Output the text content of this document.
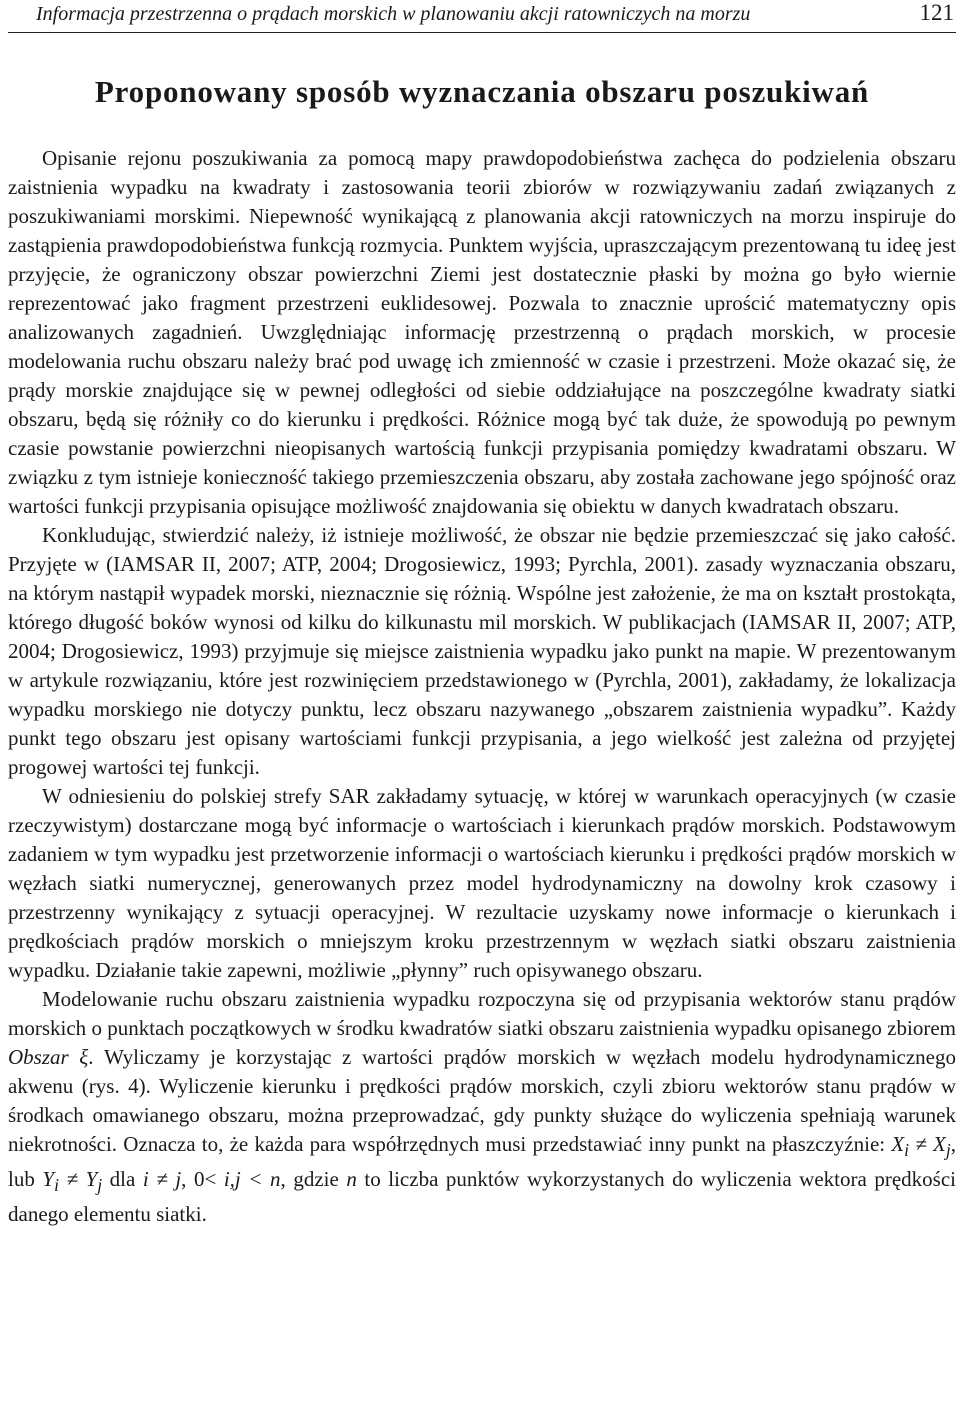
Informacja przestrzenna o prądach morskich w planowaniu akcji ratowniczych na morzu	121
Proponowany sposób wyznaczania obszaru poszukiwań

Opisanie rejonu poszukiwania za pomocą mapy prawdopodobieństwa zachęca do podzielenia obszaru zaistnienia wypadku na kwadraty i zastosowania teorii zbiorów w rozwiązywaniu zadań związanych z poszukiwaniami morskimi. Niepewność wynikającą z planowania akcji ratowniczych na morzu inspiruje do zastąpienia prawdopodobieństwa funkcją rozmycia. Punktem wyjścia, upraszczającym prezentowaną tu ideę jest przyjęcie, że ograniczony obszar powierzchni Ziemi jest dostatecznie płaski by można go było wiernie reprezentować jako fragment przestrzeni euklidesowej. Pozwala to znacznie uprościć matematyczny opis analizowanych zagadnień. Uwzględniając informację przestrzenną o prądach morskich, w procesie modelowania ruchu obszaru należy brać pod uwagę ich zmienność w czasie i przestrzeni. Może okazać się, że prądy morskie znajdujące się w pewnej odległości od siebie oddziałujące na poszczególne kwadraty siatki obszaru, będą się różniły co do kierunku i prędkości. Różnice mogą być tak duże, że spowodują po pewnym czasie powstanie powierzchni nieopisanych wartością funkcji przypisania pomiędzy kwadratami obszaru. W związku z tym istnieje konieczność takiego przemieszczenia obszaru, aby została zachowane jego spójność oraz wartości funkcji przypisania opisujące możliwość znajdowania się obiektu w danych kwadratach obszaru.

Konkludując, stwierdzić należy, iż istnieje możliwość, że obszar nie będzie przemieszczać się jako całość. Przyjęte w (IAMSAR II, 2007; ATP, 2004; Drogosiewicz, 1993; Pyrchla, 2001). zasady wyznaczania obszaru, na którym nastąpił wypadek morski, nieznacznie się różnią. Wspólne jest założenie, że ma on kształt prostokąta, którego długość boków wynosi od kilku do kilkunastu mil morskich. W publikacjach (IAMSAR II, 2007; ATP, 2004; Drogosiewicz, 1993) przyjmuje się miejsce zaistnienia wypadku jako punkt na mapie. W prezentowanym w artykule rozwiązaniu, które jest rozwinięciem przedstawionego w (Pyrchla, 2001), zakładamy, że lokalizacja wypadku morskiego nie dotyczy punktu, lecz obszaru nazywanego „obszarem zaistnienia wypadku”. Każdy punkt tego obszaru jest opisany wartościami funkcji przypisania, a jego wielkość jest zależna od przyjętej progowej wartości tej funkcji.

W odniesieniu do polskiej strefy SAR zakładamy sytuację, w której w warunkach operacyjnych (w czasie rzeczywistym) dostarczane mogą być informacje o wartościach i kierunkach prądów morskich. Podstawowym zadaniem w tym wypadku jest przetworzenie informacji o wartościach kierunku i prędkości prądów morskich w węzłach siatki numerycznej, generowanych przez model hydrodynamiczny na dowolny krok czasowy i przestrzenny wynikający z sytuacji operacyjnej. W rezultacie uzyskamy nowe informacje o kierunkach i prędkościach prądów morskich o mniejszym kroku przestrzennym w węzłach siatki obszaru zaistnienia wypadku. Działanie takie zapewni, możliwie „płynny” ruch opisywanego obszaru.

Modelowanie ruchu obszaru zaistnienia wypadku rozpoczyna się od przypisania wektorów stanu prądów morskich o punktach początkowych w środku kwadratów siatki obszaru zaistnienia wypadku opisanego zbiorem Obszar ξ. Wyliczamy je korzystając z wartości prądów morskich w węzłach modelu hydrodynamicznego akwenu (rys. 4). Wyliczenie kierunku i prędkości prądów morskich, czyli zbioru wektorów stanu prądów w środkach omawianego obszaru, można przeprowadzać, gdy punkty służące do wyliczenia spełniają warunek niekrotności. Oznacza to, że każda para współrzędnych musi przedstawiać inny punkt na płaszczyźnie: $X_i \ne X_j$, lub $Y_i \ne Y_j$ dla i ≠ j, 0< i,j < n, gdzie n to liczba punktów wykorzystanych do wyliczenia wektora prędkości danego elementu siatki.
